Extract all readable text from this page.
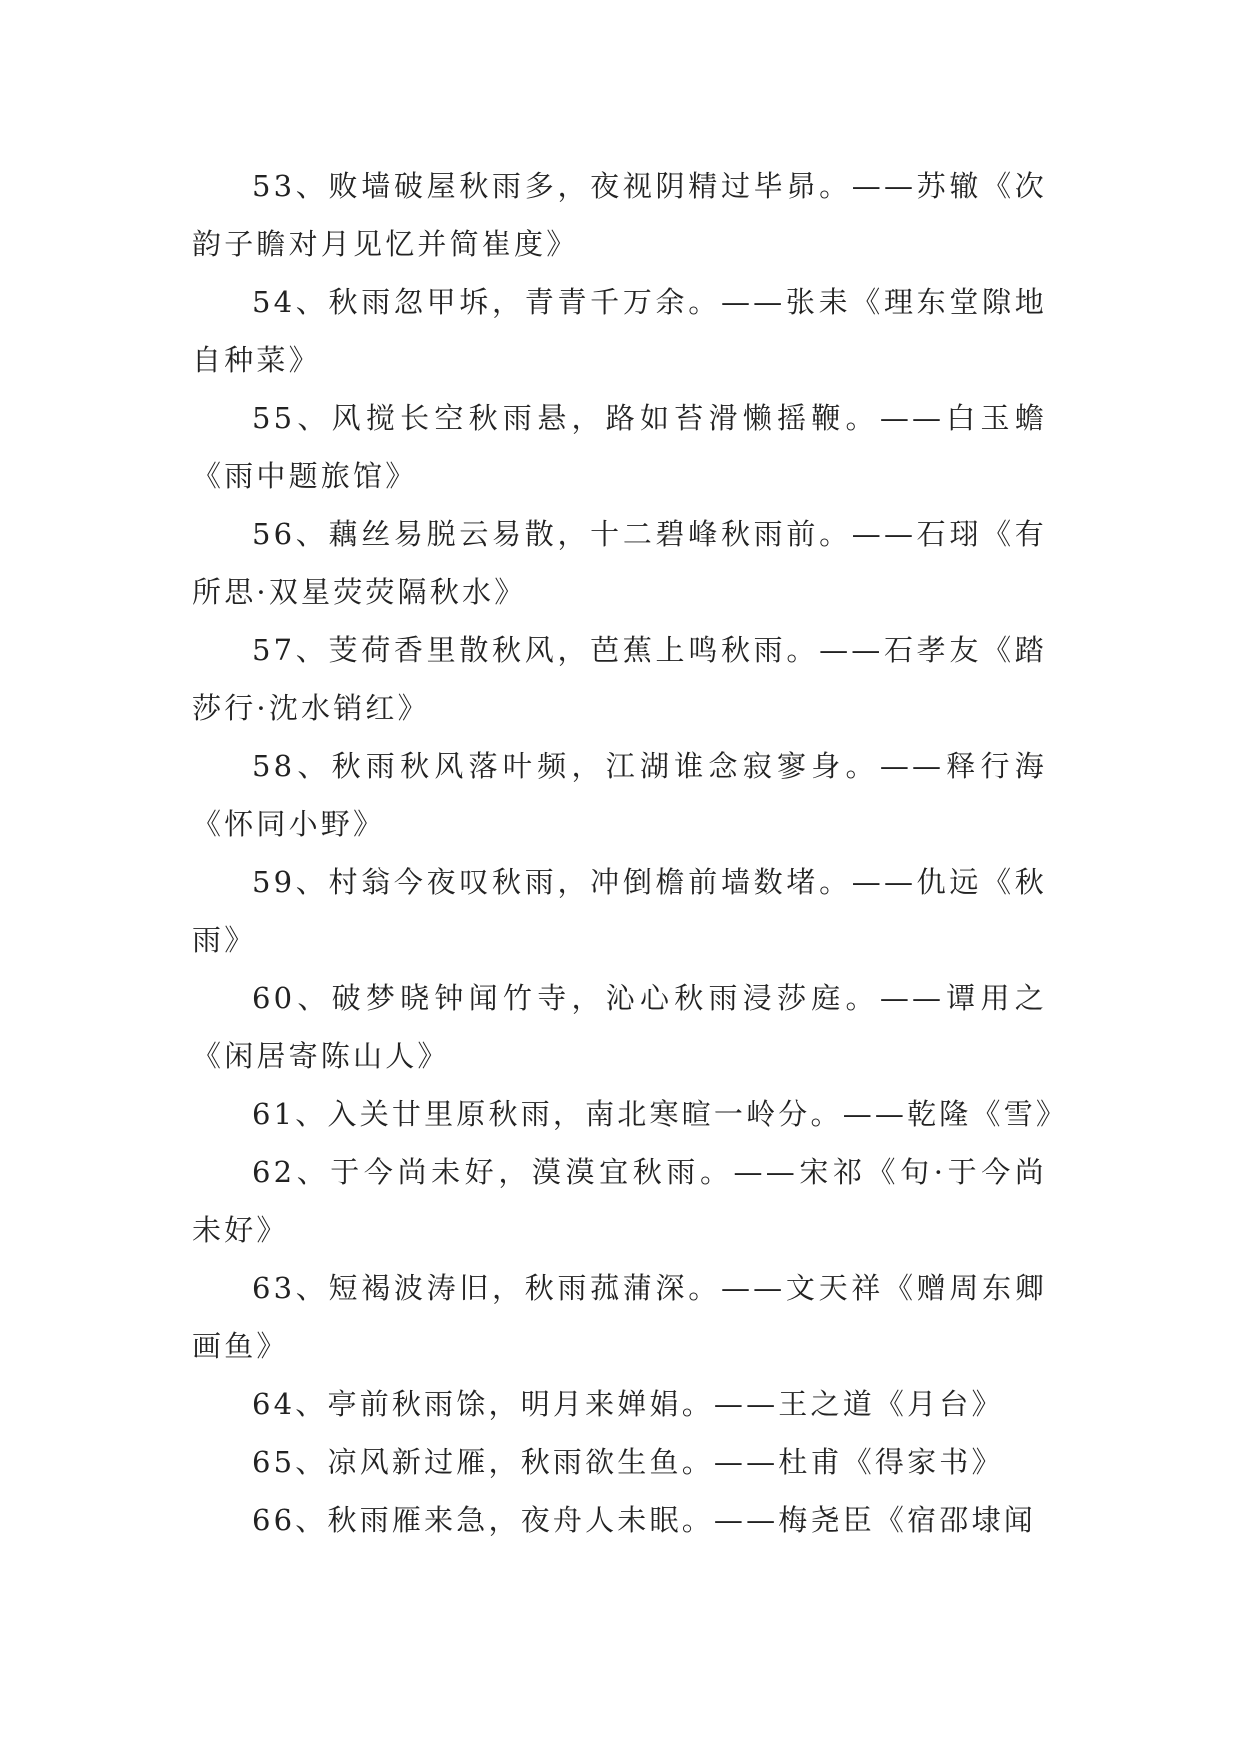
53、败墙破屋秋雨多，夜视阴精过毕昴。——苏辙《次韵子瞻对月见忆并简崔度》

54、秋雨忽甲坼，青青千万余。——张耒《理东堂隙地自种菜》

55、风搅长空秋雨悬，路如苔滑懒摇鞭。——白玉蟾《雨中题旅馆》

56、藕丝易脱云易散，十二碧峰秋雨前。——石珝《有所思·双星荧荧隔秋水》

57、芰荷香里散秋风，芭蕉上鸣秋雨。——石孝友《踏莎行·沈水销红》

58、秋雨秋风落叶频，江湖谁念寂寥身。——释行海《怀同小野》

59、村翁今夜叹秋雨，冲倒檐前墙数堵。——仇远《秋雨》

60、破梦晓钟闻竹寺，沁心秋雨浸莎庭。——谭用之《闲居寄陈山人》

61、入关廿里原秋雨，南北寒暄一岭分。——乾隆《雪》

62、于今尚未好，漠漠宜秋雨。——宋祁《句·于今尚未好》

63、短褐波涛旧，秋雨菰蒲深。——文天祥《赠周东卿画鱼》

64、亭前秋雨馀，明月来婵娟。——王之道《月台》

65、凉风新过雁，秋雨欲生鱼。——杜甫《得家书》

66、秋雨雁来急，夜舟人未眠。——梅尧臣《宿邵埭闻
